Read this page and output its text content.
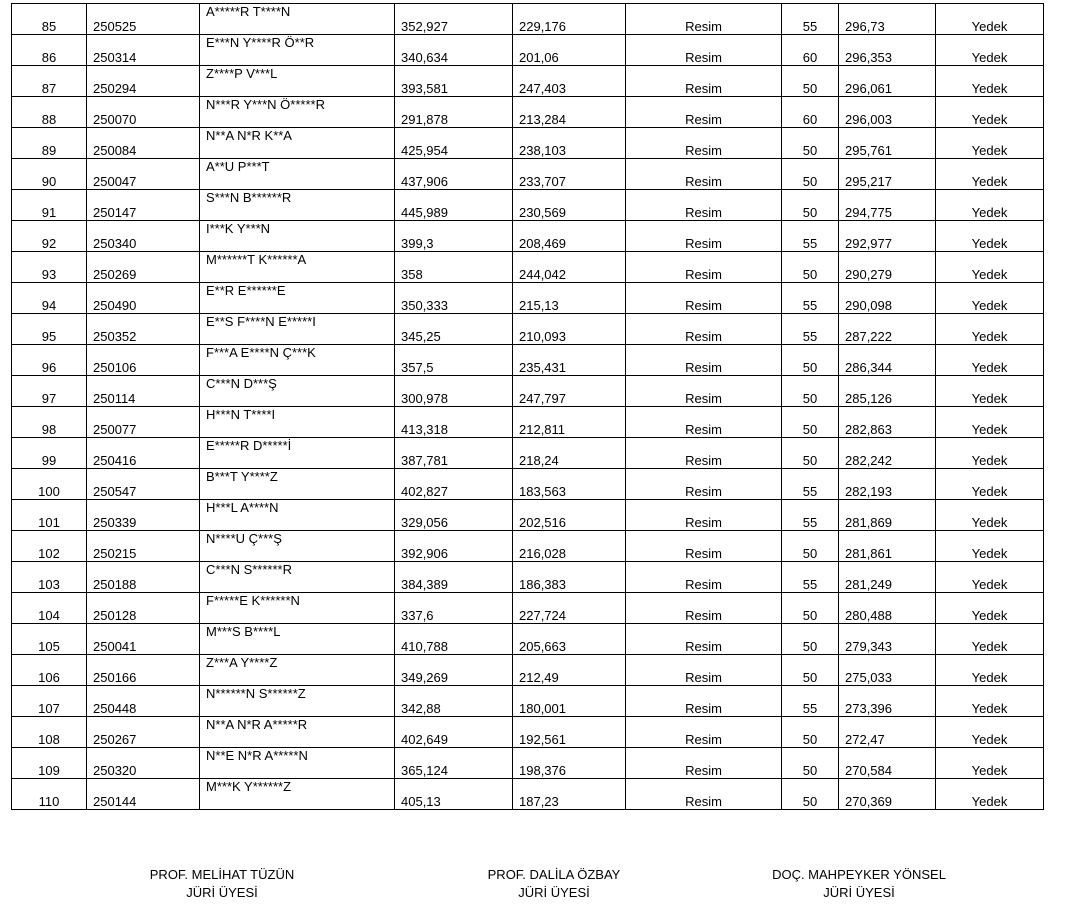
85	250525	A*****R T****N	352,927	229,176	Resim	55	296,73	Yedek
86	250314	E***N Y****R Ö**R	340,634	201,06	Resim	60	296,353	Yedek
87	250294	Z****P V***L	393,581	247,403	Resim	50	296,061	Yedek
88	250070	N***R Y***N Ö*****R	291,878	213,284	Resim	60	296,003	Yedek
89	250084	N**A N*R K**A	425,954	238,103	Resim	50	295,761	Yedek
90	250047	A**U P***T	437,906	233,707	Resim	50	295,217	Yedek
91	250147	S***N B******R	445,989	230,569	Resim	50	294,775	Yedek
92	250340	I***K Y***N	399,3	208,469	Resim	55	292,977	Yedek
93	250269	M******T K******A	358	244,042	Resim	50	290,279	Yedek
94	250490	E**R E******E	350,333	215,13	Resim	55	290,098	Yedek
95	250352	E**S F****N E*****I	345,25	210,093	Resim	55	287,222	Yedek
96	250106	F***A E****N Ç***K	357,5	235,431	Resim	50	286,344	Yedek
97	250114	C***N D***Ş	300,978	247,797	Resim	50	285,126	Yedek
98	250077	H***N T****I	413,318	212,811	Resim	50	282,863	Yedek
99	250416	E*****R D*****İ	387,781	218,24	Resim	50	282,242	Yedek
100	250547	B***T Y****Z	402,827	183,563	Resim	55	282,193	Yedek
101	250339	H***L A****N	329,056	202,516	Resim	55	281,869	Yedek
102	250215	N****U Ç***Ş	392,906	216,028	Resim	50	281,861	Yedek
103	250188	C***N S******R	384,389	186,383	Resim	55	281,249	Yedek
104	250128	F*****E K******N	337,6	227,724	Resim	50	280,488	Yedek
105	250041	M***S B****L	410,788	205,663	Resim	50	279,343	Yedek
106	250166	Z***A Y****Z	349,269	212,49	Resim	50	275,033	Yedek
107	250448	N******N S******Z	342,88	180,001	Resim	55	273,396	Yedek
108	250267	N**A N*R A*****R	402,649	192,561	Resim	50	272,47	Yedek
109	250320	N**E N*R A*****N	365,124	198,376	Resim	50	270,584	Yedek
110	250144	M***K Y******Z	405,13	187,23	Resim	50	270,369	Yedek
PROF. MELİHAT TÜZÜN
JÜRİ ÜYESİ
PROF. DALİLA ÖZBAY
JÜRİ ÜYESİ
DOÇ. MAHPEYKER YÖNSEL
JÜRİ ÜYESİ
